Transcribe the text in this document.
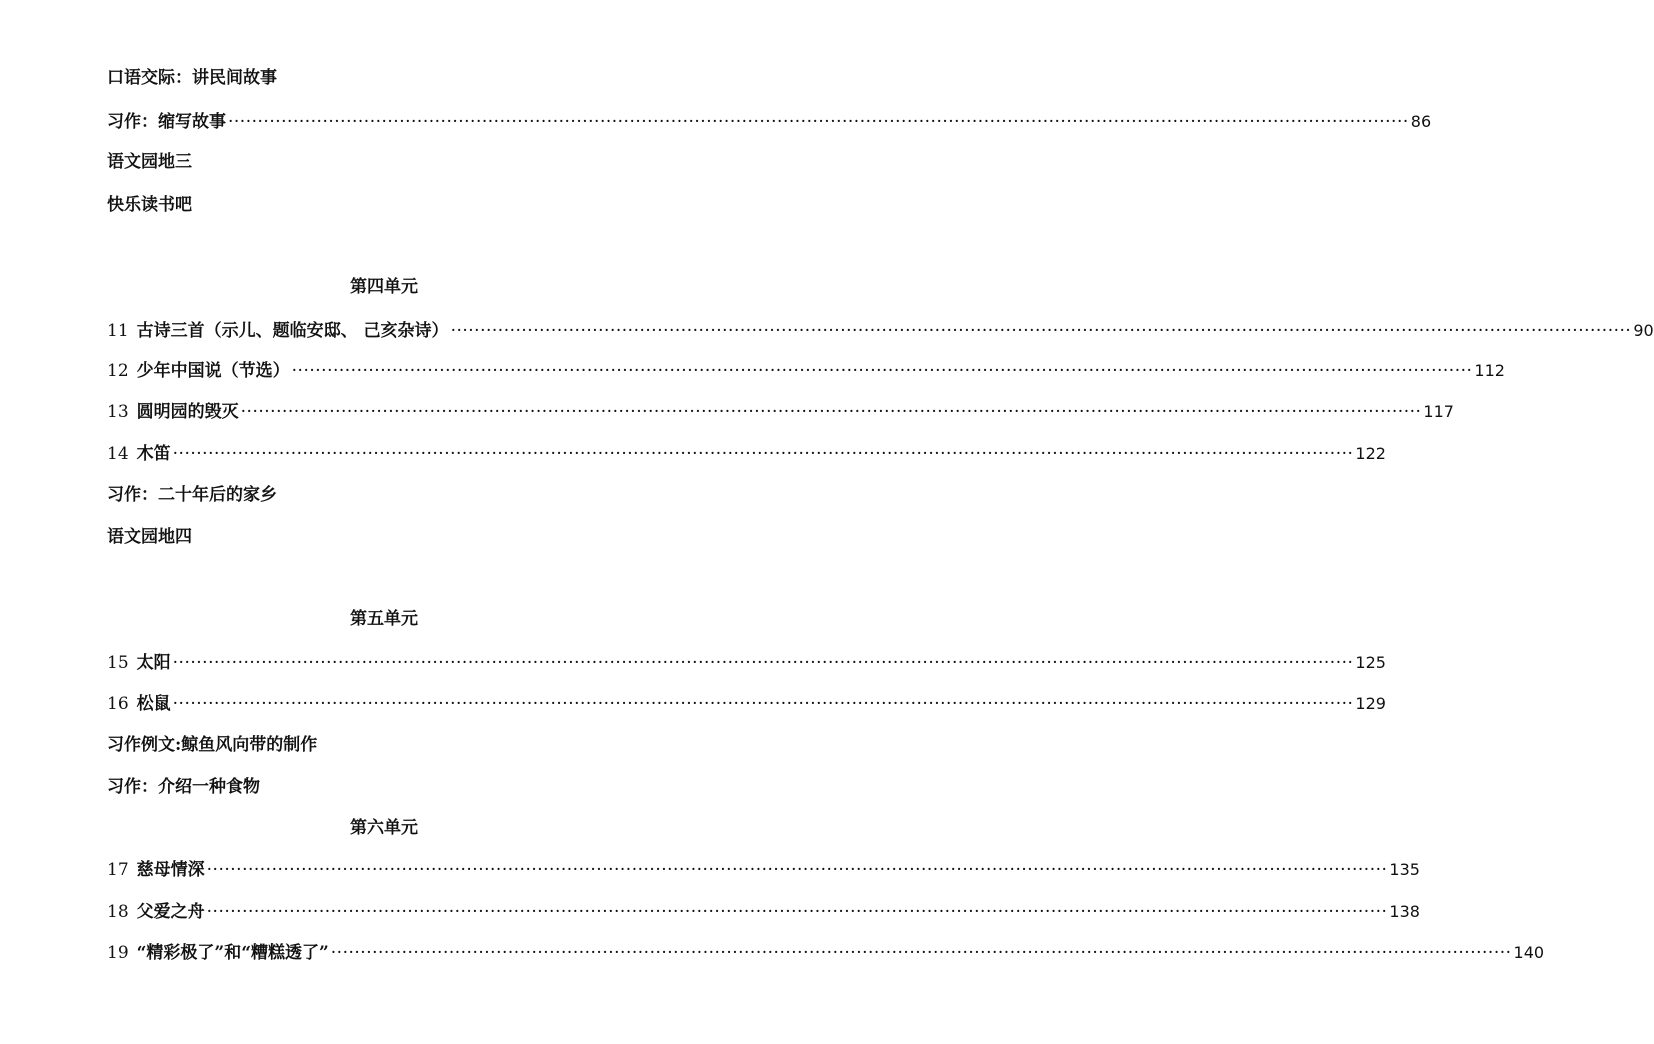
口语交际：讲民间故事
习作：缩写故事 ········································································································································································································ 86
语文园地三
快乐读书吧
第四单元
11 古诗三首（示儿、题临安邸、 己亥杂诗） ········································································································································································································ 90
12 少年中国说（节选） ········································································································································································································ 112
13 圆明园的毁灭 ········································································································································································································ 117
14 木笛 ········································································································································································································ 122
习作：二十年后的家乡
语文园地四
第五单元
15 太阳 ········································································································································································································ 125
16 松鼠 ········································································································································································································ 129
习作例文:鲸鱼风向带的制作
习作：介绍一种食物
第六单元
17 慈母情深 ········································································································································································································ 135
18 父爱之舟 ········································································································································································································ 138
19 “精彩极了”和“糟糕透了” ········································································································································································································ 140
